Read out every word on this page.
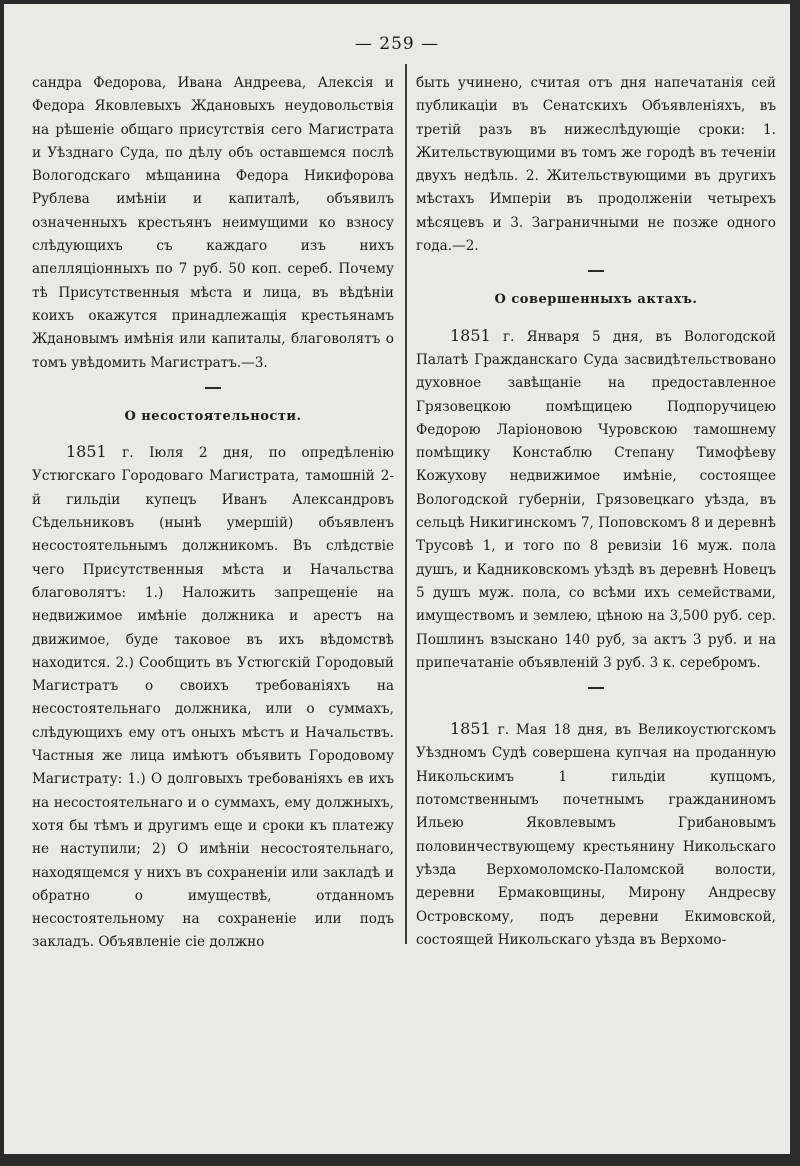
— 259 —

сандра Федорова, Ивана Андреева, Алексія и Федора Яковлевыхъ Ждановыхъ неудовольствія на рѣшеніе общаго присутствія сего Магистрата и Уѣзднаго Суда, по дѣлу объ оставшемся послѣ Вологодскаго мѣщанина Федора Никифорова Рублева имѣніи и капиталѣ, объявилъ означенныхъ крестьянъ неимущими ко взносу слѣдующихъ съ каждаго изъ нихъ апелляціонныхъ по 7 руб. 50 коп. сереб. Почему тѣ Присутственныя мѣста и лица, въ вѣдѣніи коихъ окажутся принадлежащія крестьянамъ Ждановымъ имѣнія или капиталы, благоволятъ о томъ увѣдомить Магистратъ.—3.

О несостоятельности.

1851 г. Іюля 2 дня, по опредѣленію Устюгскаго Городоваго Магистрата, тамошній 2-й гильдіи купецъ Иванъ Александровъ Сѣдельниковъ (нынѣ умершій) объявленъ несостоятельнымъ должникомъ. Въ слѣдствіе чего Присутственныя мѣста и Начальства благоволятъ: 1.) Наложить запрещеніе на недвижимое имѣніе должника и арестъ на движимое, буде таковое въ ихъ вѣдомствѣ находится. 2.) Сообщить въ Устюгскій Городовый Магистратъ о своихъ требованіяхъ на несостоятельнаго должника, или о суммахъ, слѣдующихъ ему отъ оныхъ мѣстъ и Начальствъ. Частныя же лица имѣютъ объявить Городовому Магистрату: 1.) О долговыхъ требованіяхъ ев ихъ на несостоятельнаго и о суммахъ, ему должныхъ, хотя бы тѣмъ и другимъ еще и сроки къ платежу не наступили; 2) О имѣніи несостоятельнаго, находящемся у нихъ въ сохраненіи или закладѣ и обратно о имуществѣ, отданномъ несостоятельному на сохраненіе или подъ закладъ. Объявленіе сіе должно

быть учинено, считая отъ дня напечатанія сей публикаціи въ Сенатскихъ Объявленіяхъ, въ третій разъ въ нижеслѣдующіе сроки: 1. Жительствующими въ томъ же городѣ въ теченіи двухъ недѣль. 2. Жительствующими въ другихъ мѣстахъ Имперіи въ продолженіи четырехъ мѣсяцевъ и 3. Заграничными не позже одного года.—2.

О совершенныхъ актахъ.

1851 г. Января 5 дня, въ Вологодской Палатѣ Гражданскаго Суда засвидѣтельствовано духовное завѣщаніе на предоставленное Грязовецкою помѣщицею Подпоручицею Федорою Ларіоновою Чуровскою тамошнему помѣщику Констаблю Степану Тимофѣеву Кожухову недвижимое имѣніе, состоящее Вологодской губерніи, Грязовецкаго уѣзда, въ сельцѣ Никигинскомъ 7, Поповскомъ 8 и деревнѣ Трусовѣ 1, и того по 8 ревизіи 16 муж. пола душъ, и Кадниковскомъ уѣздѣ въ деревнѣ Новецъ 5 душъ муж. пола, со всѣми ихъ семействами, имуществомъ и землею, цѣною на 3,500 руб. сер. Пошлинъ взыскано 140 руб, за актъ 3 руб. и на припечатаніе объявленій 3 руб. 3 к. серебромъ.

1851 г. Мая 18 дня, въ Великоустюгскомъ Уѣздномъ Судѣ совершена купчая на проданную Никольскимъ 1 гильдіи купцомъ, потомственнымъ почетнымъ гражданиномъ Ильею Яковлевымъ Грибановымъ половинчествующему крестьянину Никольскаго уѣзда Верхомоломско-Паломской волости, деревни Ермаковщины, Мирону Андресву Островскому, подъ деревни Екимовской, состоящей Никольскаго уѣзда въ Верхомо-
